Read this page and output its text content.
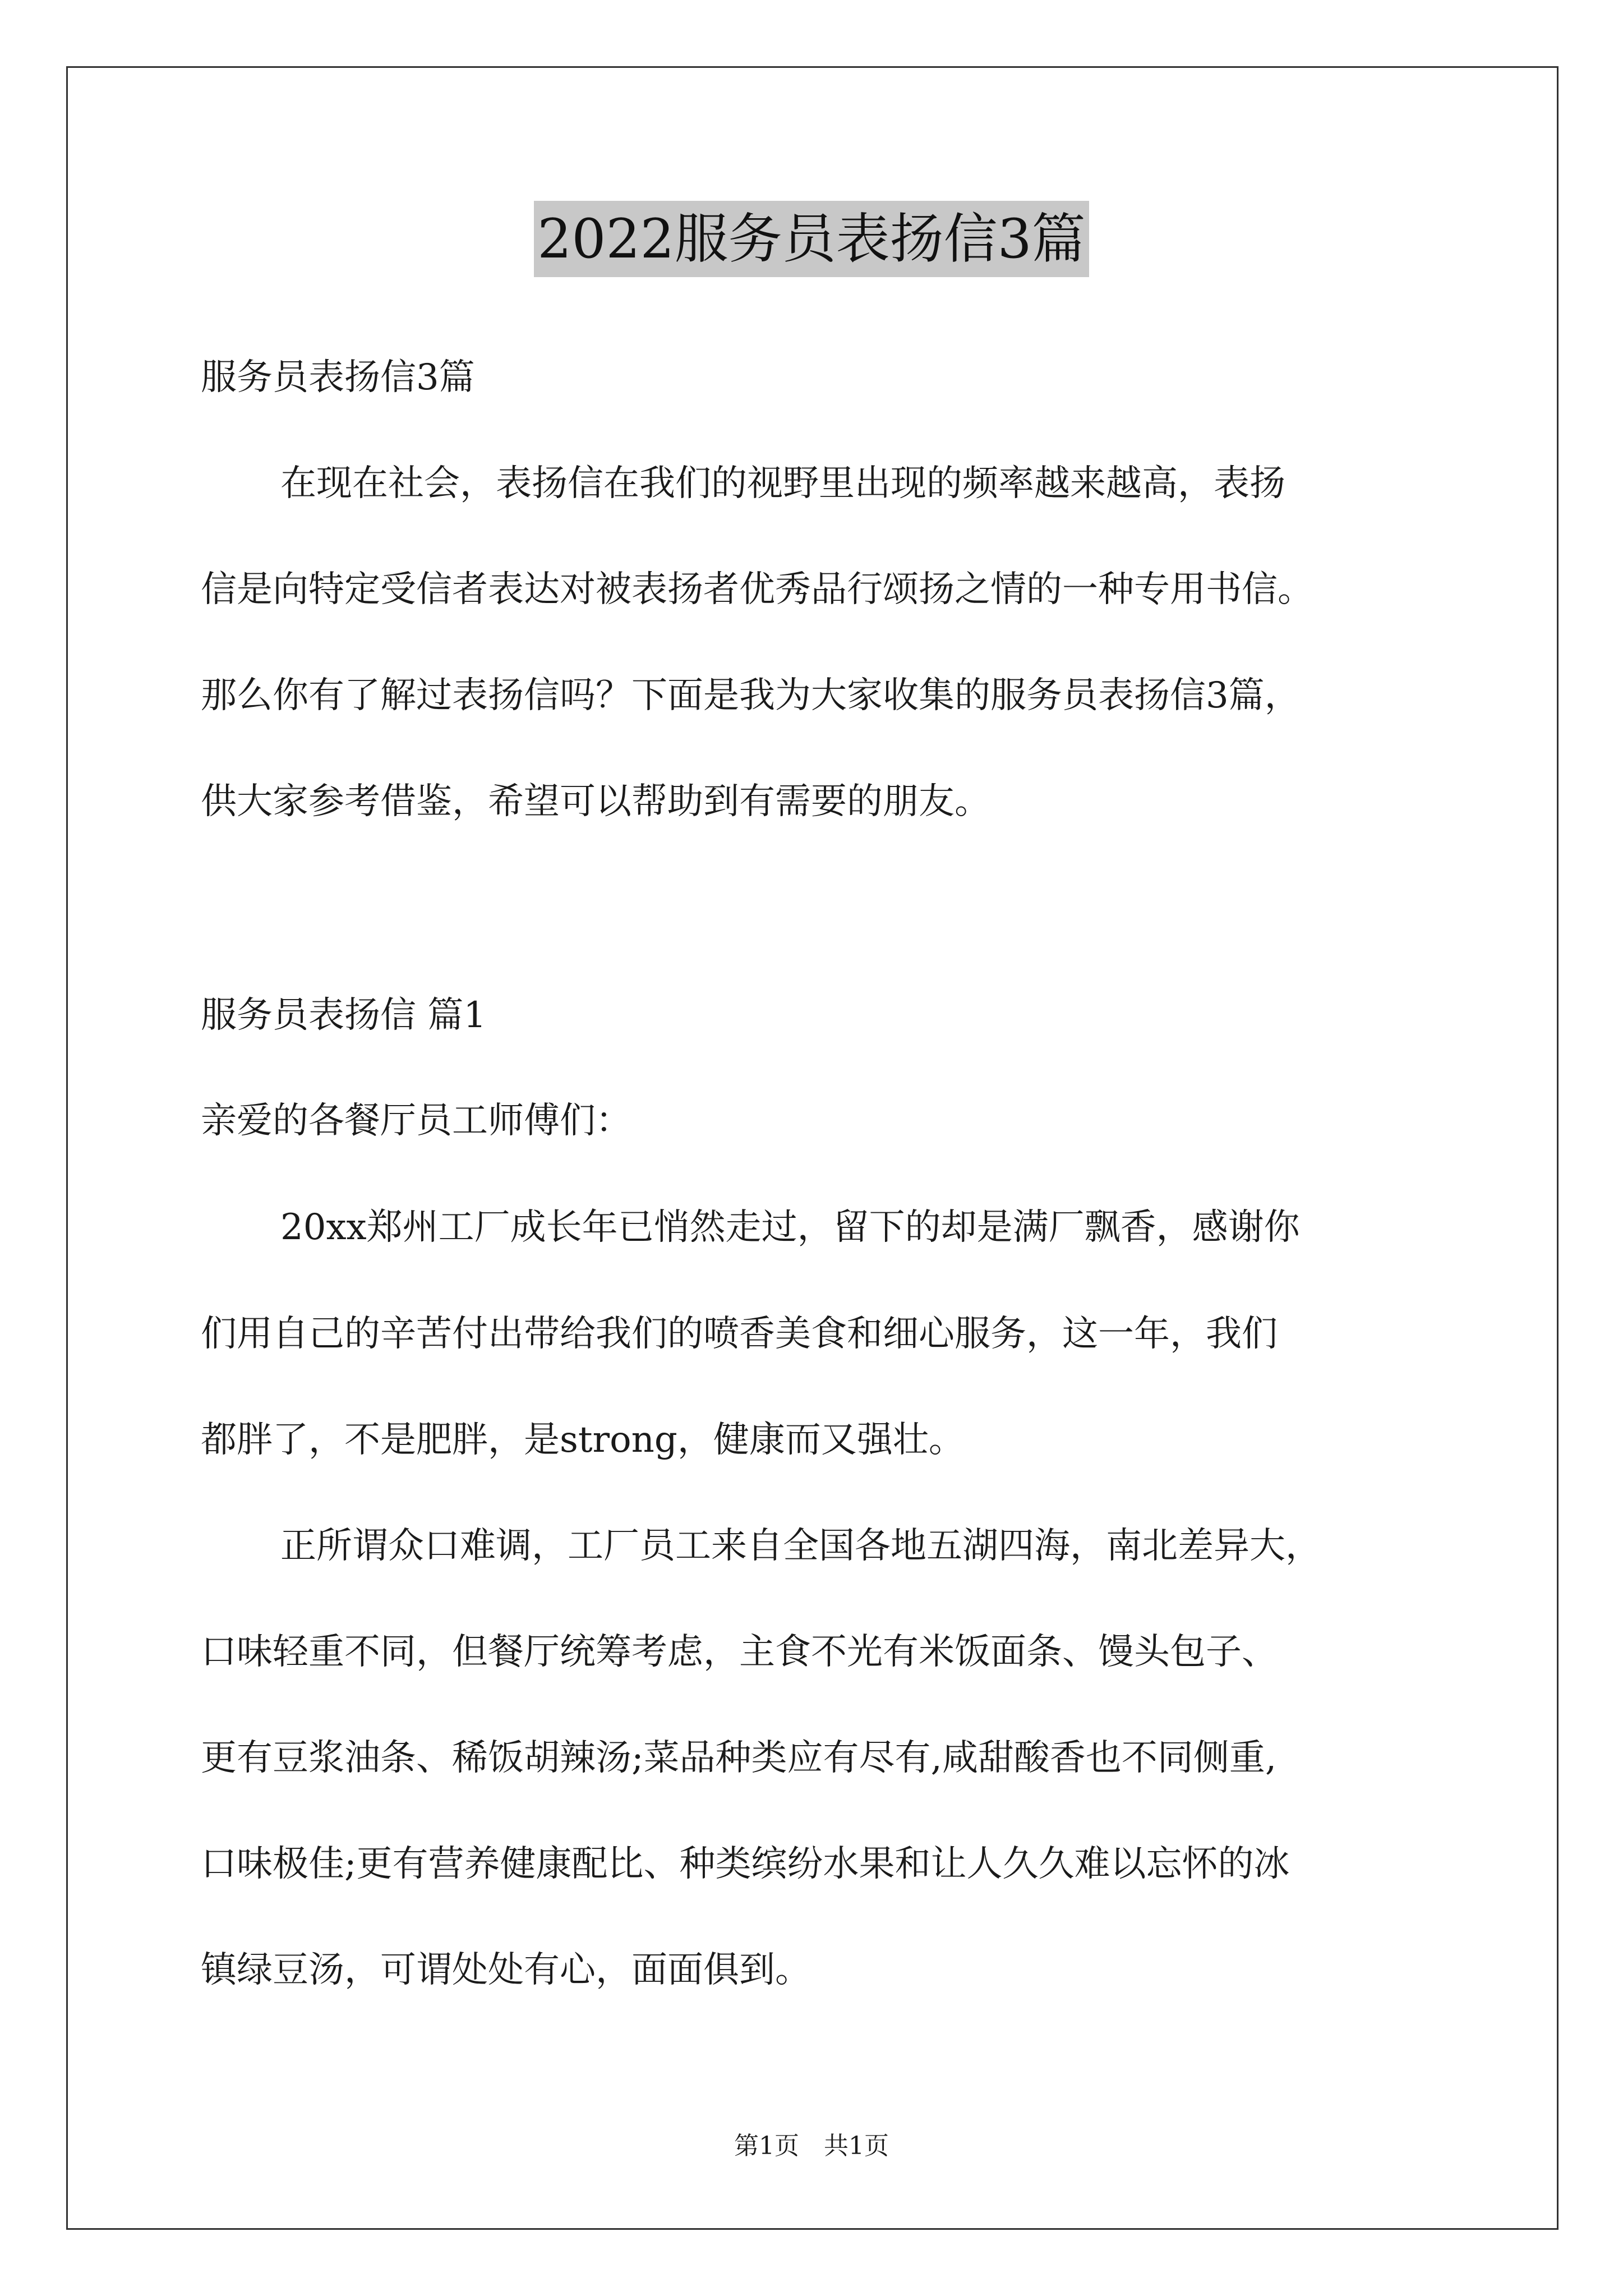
2022服务员表扬信3篇
服务员表扬信3篇
在现在社会，表扬信在我们的视野里出现的频率越来越高，表扬
信是向特定受信者表达对被表扬者优秀品行颂扬之情的一种专用书信。
那么你有了解过表扬信吗？下面是我为大家收集的服务员表扬信3篇，
供大家参考借鉴，希望可以帮助到有需要的朋友。
服务员表扬信 篇1
亲爱的各餐厅员工师傅们：
20xx郑州工厂成长年已悄然走过，留下的却是满厂飘香，感谢你
们用自己的辛苦付出带给我们的喷香美食和细心服务，这一年，我们
都胖了，不是肥胖，是strong，健康而又强壮。
正所谓众口难调，工厂员工来自全国各地五湖四海，南北差异大，
口味轻重不同，但餐厅统筹考虑，主食不光有米饭面条、馒头包子、
更有豆浆油条、稀饭胡辣汤;菜品种类应有尽有,咸甜酸香也不同侧重,
口味极佳;更有营养健康配比、种类缤纷水果和让人久久难以忘怀的冰
镇绿豆汤，可谓处处有心，面面俱到。
第1页　共1页
